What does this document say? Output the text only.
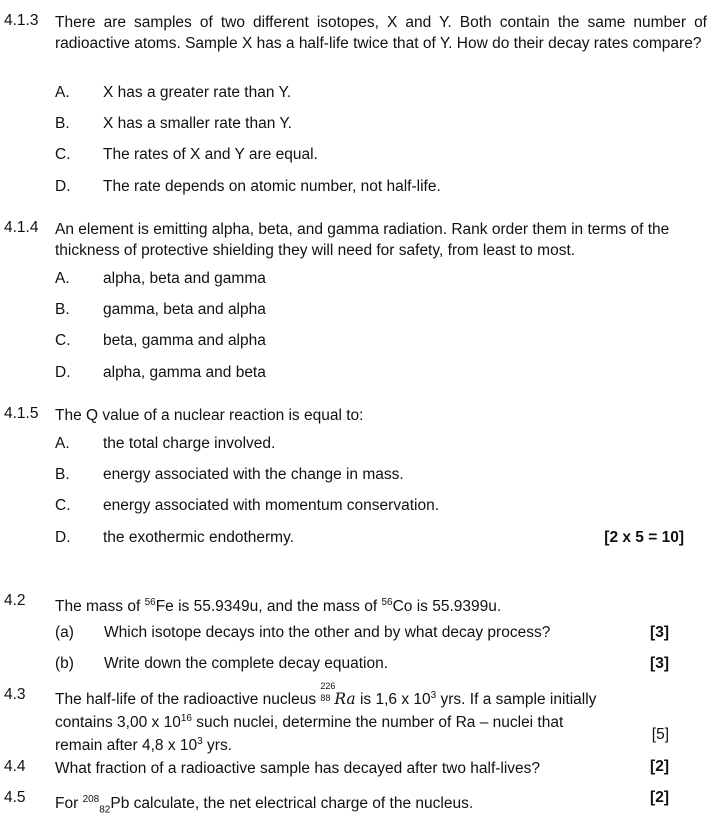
4.1.3 There are samples of two different isotopes, X and Y. Both contain the same number of radioactive atoms. Sample X has a half-life twice that of Y. How do their decay rates compare?
A. X has a greater rate than Y.
B. X has a smaller rate than Y.
C. The rates of X and Y are equal.
D. The rate depends on atomic number, not half-life.
4.1.4 An element is emitting alpha, beta, and gamma radiation. Rank order them in terms of the thickness of protective shielding they will need for safety, from least to most.
A. alpha, beta and gamma
B. gamma, beta and alpha
C. beta, gamma and alpha
D. alpha, gamma and beta
4.1.5 The Q value of a nuclear reaction is equal to:
A. the total charge involved.
B. energy associated with the change in mass.
C. energy associated with momentum conservation.
D. the exothermic endothermy.	[2 x 5 = 10]
4.2 The mass of $^{56}$Fe is 55.9349u, and the mass of $^{56}$Co is 55.9399u.
(a) Which isotope decays into the other and by what decay process?	[3]
(b) Write down the complete decay equation.	[3]
4.3 The half-life of the radioactive nucleus
226
88 Ra is 1,6 x $10^3$ yrs. If a sample initially
contains 3,00 x $10^{16}$ such nuclei, determine the number of Ra – nuclei that
remain after 4,8 x $10^3$ yrs.
[5]
4.4 What fraction of a radioactive sample has decayed after two half-lives?	[2]
4.5 For $^{208}_{82}$Pb calculate, the net electrical charge of the nucleus.	[2]
